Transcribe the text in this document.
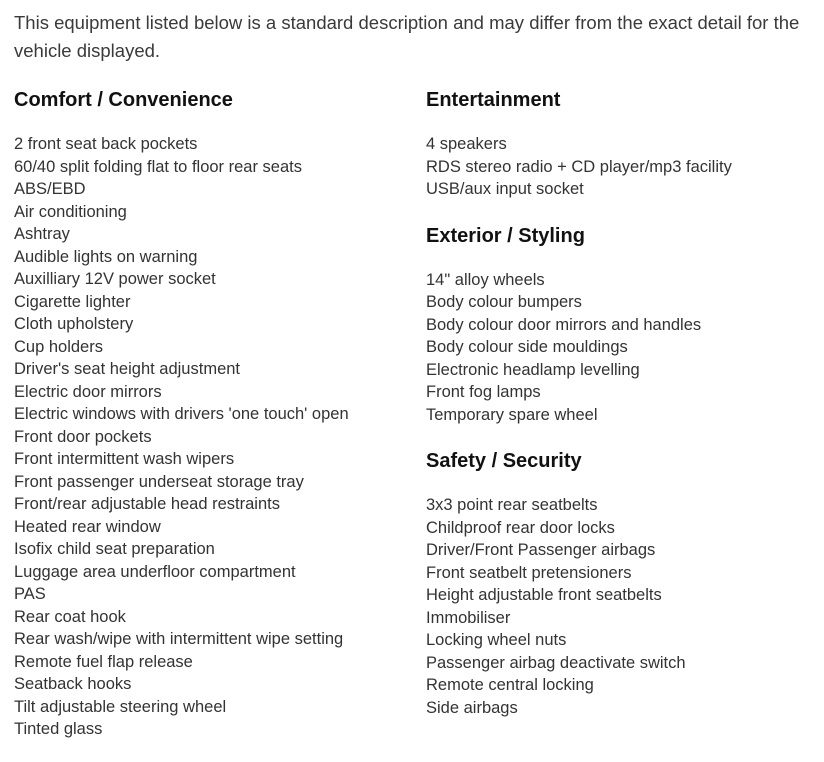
This equipment listed below is a standard description and may differ from the exact detail for the vehicle displayed.

Comfort / Convenience
2 front seat back pockets
60/40 split folding flat to floor rear seats
ABS/EBD
Air conditioning
Ashtray
Audible lights on warning
Auxilliary 12V power socket
Cigarette lighter
Cloth upholstery
Cup holders
Driver's seat height adjustment
Electric door mirrors
Electric windows with drivers 'one touch' open
Front door pockets
Front intermittent wash wipers
Front passenger underseat storage tray
Front/rear adjustable head restraints
Heated rear window
Isofix child seat preparation
Luggage area underfloor compartment
PAS
Rear coat hook
Rear wash/wipe with intermittent wipe setting
Remote fuel flap release
Seatback hooks
Tilt adjustable steering wheel
Tinted glass
Entertainment
4 speakers
RDS stereo radio + CD player/mp3 facility
USB/aux input socket
Exterior / Styling
14" alloy wheels
Body colour bumpers
Body colour door mirrors and handles
Body colour side mouldings
Electronic headlamp levelling
Front fog lamps
Temporary spare wheel
Safety / Security
3x3 point rear seatbelts
Childproof rear door locks
Driver/Front Passenger airbags
Front seatbelt pretensioners
Height adjustable front seatbelts
Immobiliser
Locking wheel nuts
Passenger airbag deactivate switch
Remote central locking
Side airbags
